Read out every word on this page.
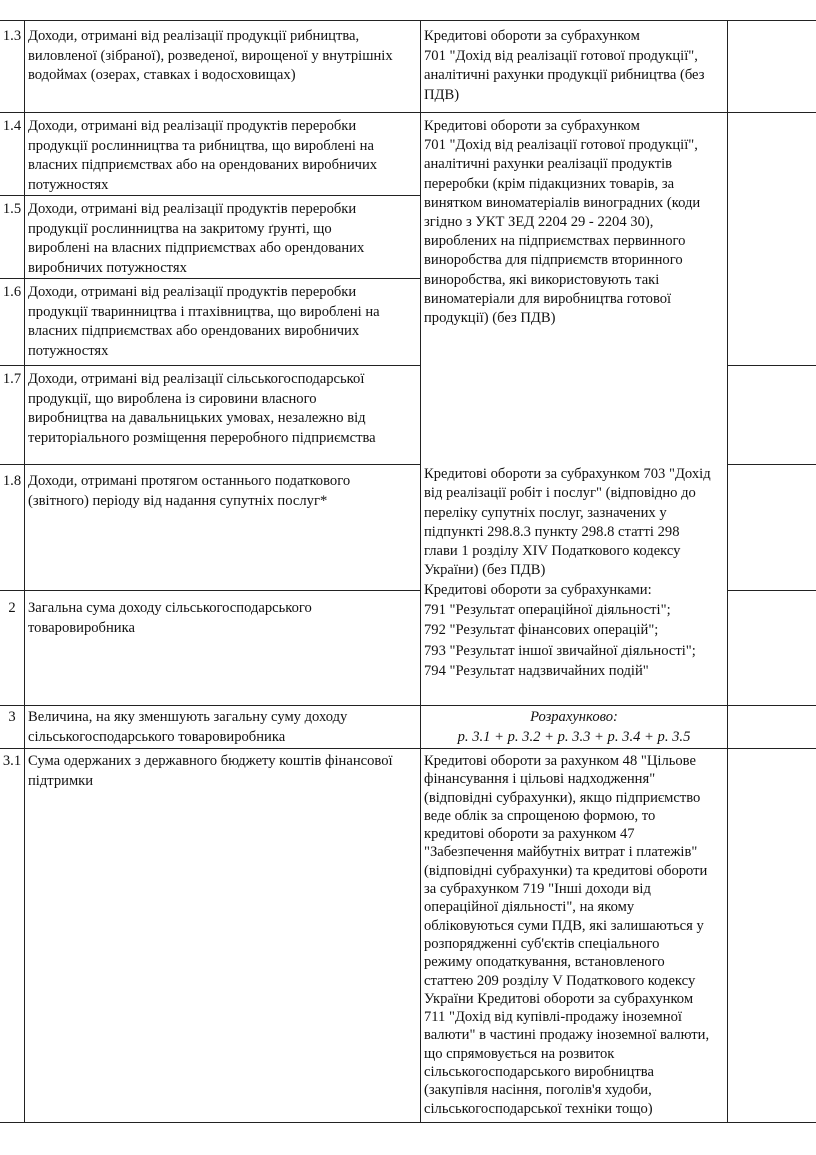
1.3 Доходи, отримані від реалізації продукції рибництва,
виловленої (зібраної), розведеної, вирощеної у внутрішніх
водоймах (озерах, ставках і водосховищах)
Кредитові обороти за субрахунком
701 "Дохід від реалізації готової продукції",
аналітичні рахунки продукції рибництва (без
ПДВ)
1.4 Доходи, отримані від реалізації продуктів переробки
продукції рослинництва та рибництва, що вироблені на
власних підприємствах або на орендованих виробничих
потужностях
Кредитові обороти за субрахунком
701 "Дохід від реалізації готової продукції",
аналітичні рахунки реалізації продуктів
переробки (крім підакцизних товарів, за
винятком виноматеріалів виноградних (коди
згідно з УКТ ЗЕД 2204 29 - 2204 30),
вироблених на підприємствах первинного
виноробства для підприємств вторинного
виноробства, які використовують такі
виноматеріали для виробництва готової
продукції) (без ПДВ)
1.5 Доходи, отримані від реалізації продуктів переробки
продукції рослинництва на закритому ґрунті, що
вироблені на власних підприємствах або орендованих
виробничих потужностях
1.6 Доходи, отримані від реалізації продуктів переробки
продукції тваринництва і птахівництва, що вироблені на
власних підприємствах або орендованих виробничих
потужностях
1.7 Доходи, отримані від реалізації сільськогосподарської
продукції, що вироблена із сировини власного
виробництва на давальницьких умовах, незалежно від
територіального розміщення переробного підприємства
1.8 Доходи, отримані протягом останнього податкового
(звітного) періоду від надання супутніх послуг*
Кредитові обороти за субрахунком 703 "Дохід
від реалізації робіт і послуг" (відповідно до
переліку супутніх послуг, зазначених у
підпункті 298.8.3 пункту 298.8 статті 298
глави 1 розділу XIV Податкового кодексу
України) (без ПДВ)
2 Загальна сума доходу сільськогосподарського
товаровиробника
Кредитові обороти за субрахунками:
791 "Результат операційної діяльності";
792 "Результат фінансових операцій";
793 "Результат іншої звичайної діяльності";
794 "Результат надзвичайних подій"
3 Величина, на яку зменшують загальну суму доходу
сільськогосподарського товаровиробника
Розрахунково:
р. 3.1 + р. 3.2 + р. 3.3 + р. 3.4 + р. 3.5
3.1 Сума одержаних з державного бюджету коштів фінансової
підтримки
Кредитові обороти за рахунком 48 "Цільове
фінансування і цільові надходження"
(відповідні субрахунки), якщо підприємство
веде облік за спрощеною формою, то
кредитові обороти за рахунком 47
"Забезпечення майбутніх витрат і платежів"
(відповідні субрахунки) та кредитові обороти
за субрахунком 719 "Інші доходи від
операційної діяльності", на якому
обліковуються суми ПДВ, які залишаються у
розпорядженні суб'єктів спеціального
режиму оподаткування, встановленого
статтею 209 розділу V Податкового кодексу
України Кредитові обороти за субрахунком
711 "Дохід від купівлі-продажу іноземної
валюти" в частині продажу іноземної валюти,
що спрямовується на розвиток
сільськогосподарського виробництва
(закупівля насіння, поголів'я худоби,
сільськогосподарської техніки тощо)
